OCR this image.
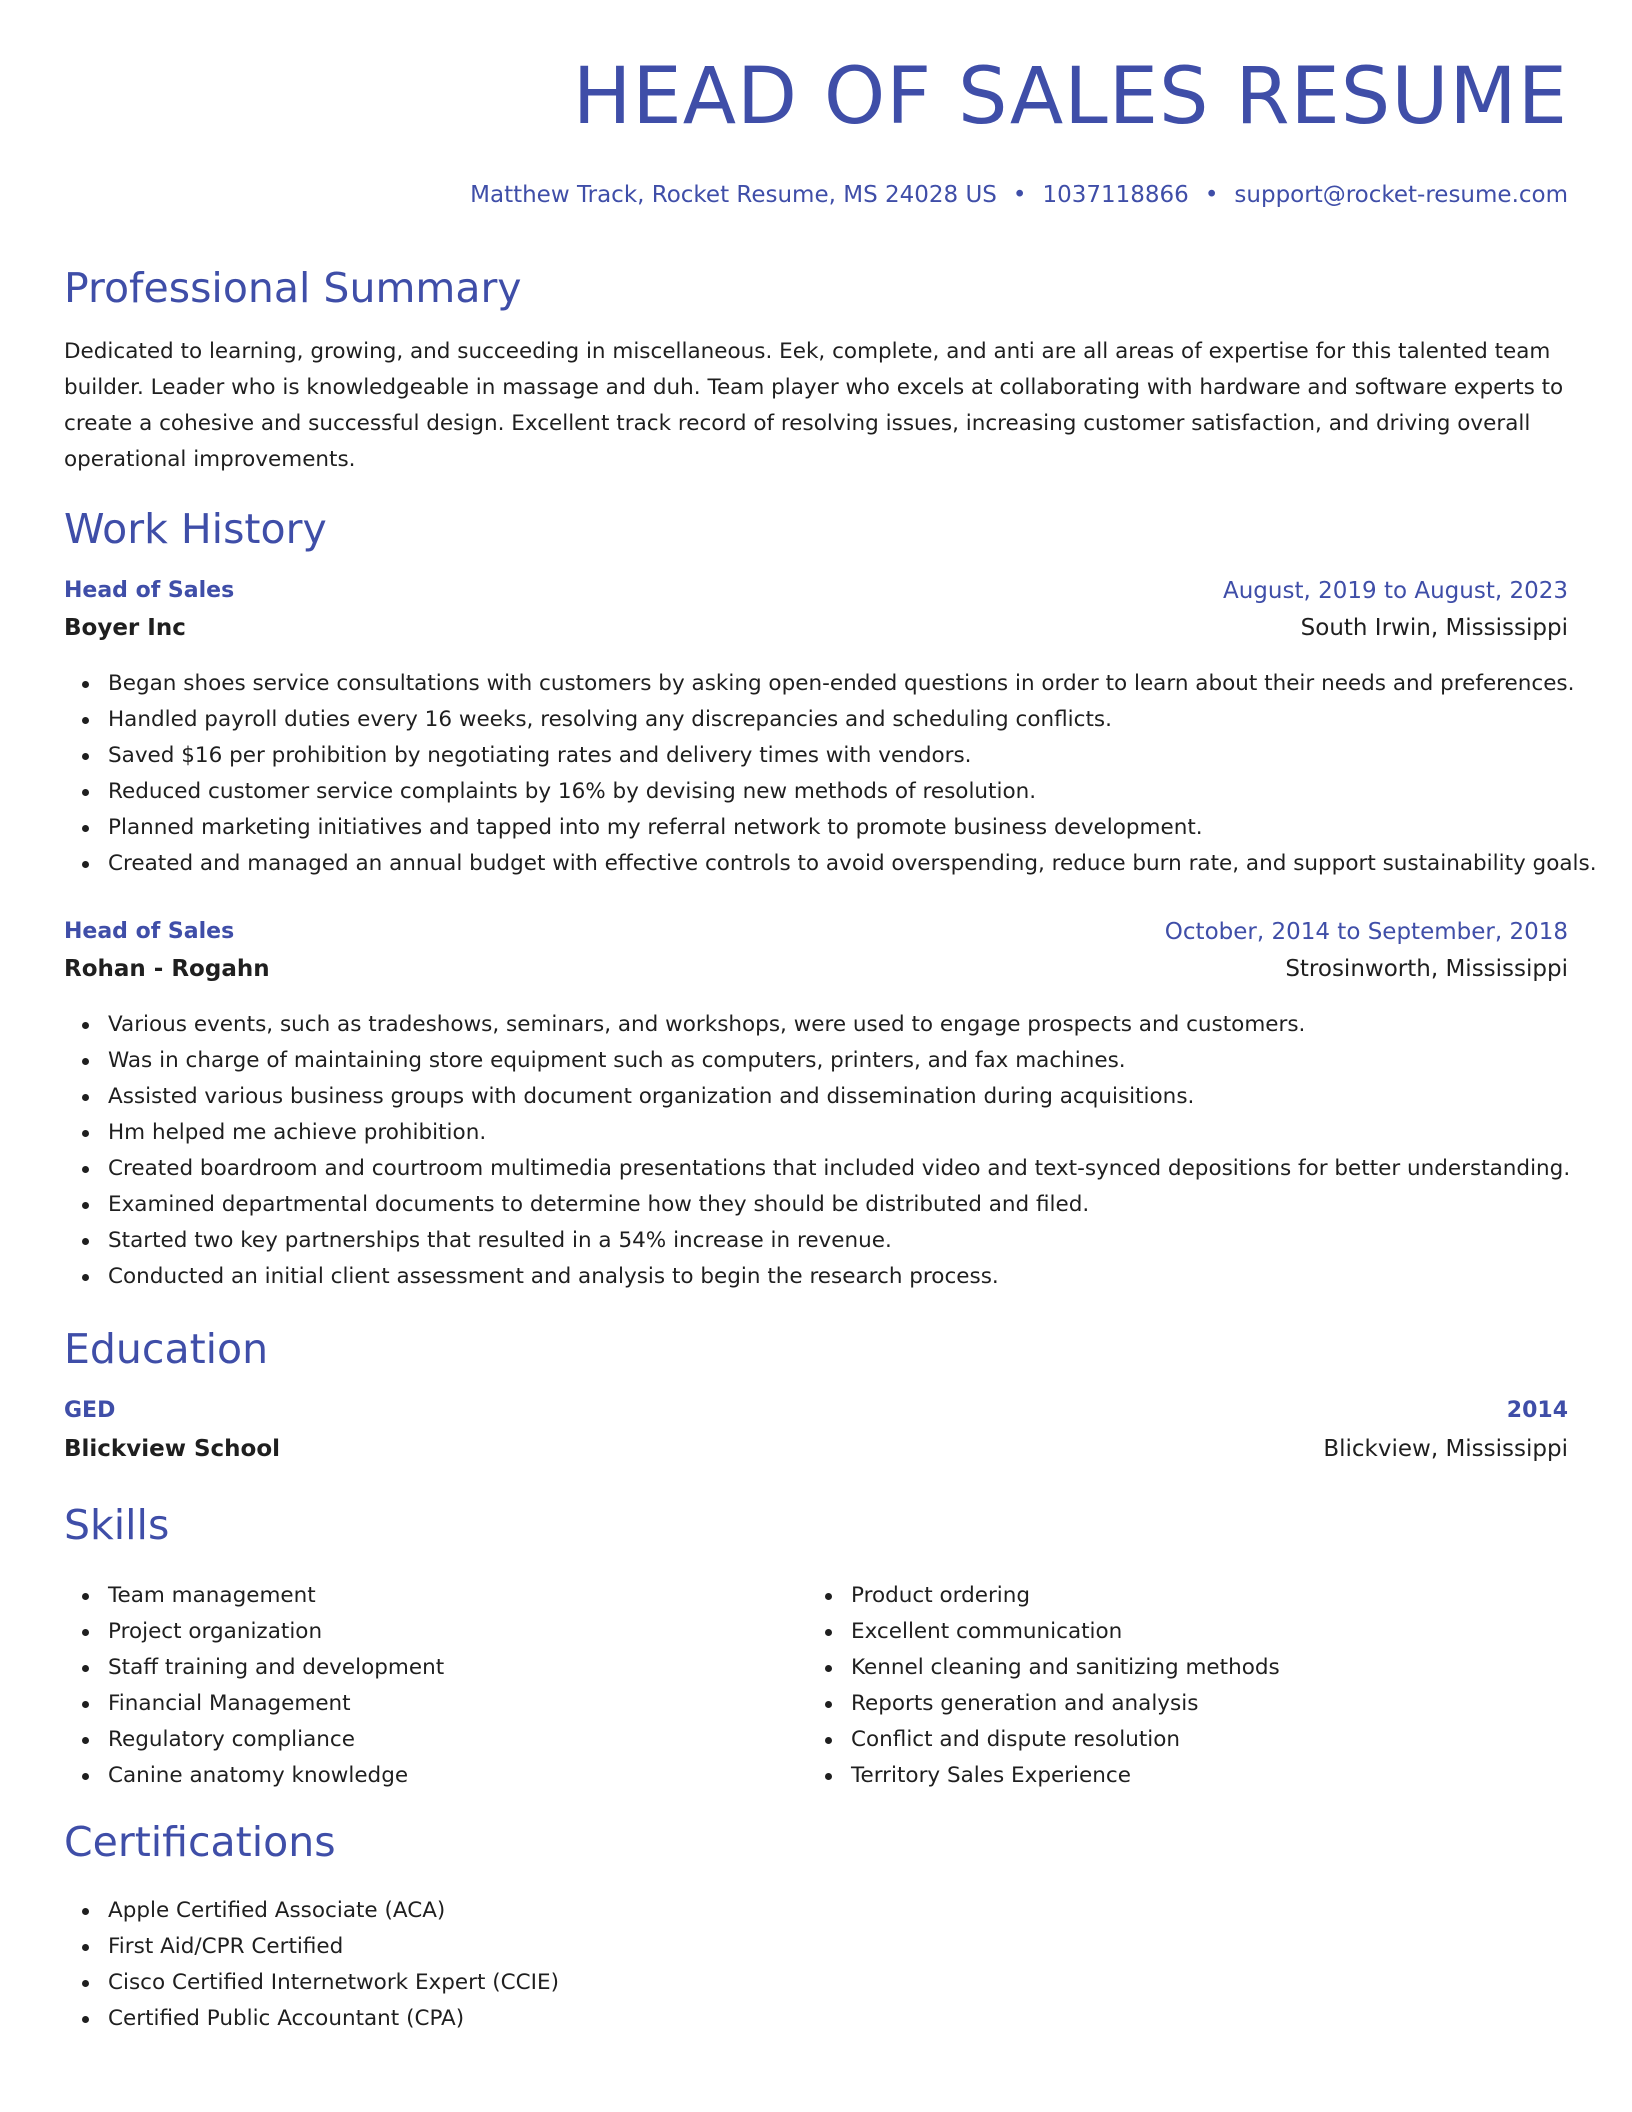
HEAD OF SALES RESUME
Matthew Track, Rocket Resume, MS 24028 US • 1037118866 • support@rocket-resume.com
Professional Summary

Dedicated to learning, growing, and succeeding in miscellaneous. Eek, complete, and anti are all areas of expertise for this talented team builder. Leader who is knowledgeable in massage and duh. Team player who excels at collaborating with hardware and software experts to create a cohesive and successful design. Excellent track record of resolving issues, increasing customer satisfaction, and driving overall operational improvements.

Work History
Head of Sales	August, 2019 to August, 2023
Boyer Inc	South Irwin, Mississippi
Began shoes service consultations with customers by asking open-ended questions in order to learn about their needs and preferences.
Handled payroll duties every 16 weeks, resolving any discrepancies and scheduling conflicts.
Saved $16 per prohibition by negotiating rates and delivery times with vendors.
Reduced customer service complaints by 16% by devising new methods of resolution.
Planned marketing initiatives and tapped into my referral network to promote business development.
Created and managed an annual budget with effective controls to avoid overspending, reduce burn rate, and support sustainability goals.
Head of Sales	October, 2014 to September, 2018
Rohan - Rogahn	Strosinworth, Mississippi
Various events, such as tradeshows, seminars, and workshops, were used to engage prospects and customers.
Was in charge of maintaining store equipment such as computers, printers, and fax machines.
Assisted various business groups with document organization and dissemination during acquisitions.
Hm helped me achieve prohibition.
Created boardroom and courtroom multimedia presentations that included video and text-synced depositions for better understanding.
Examined departmental documents to determine how they should be distributed and filed.
Started two key partnerships that resulted in a 54% increase in revenue.
Conducted an initial client assessment and analysis to begin the research process.
Education
GED	2014
Blickview School	Blickview, Mississippi
Skills
Team management
Project organization
Staff training and development
Financial Management
Regulatory compliance
Canine anatomy knowledge
Product ordering
Excellent communication
Kennel cleaning and sanitizing methods
Reports generation and analysis
Conflict and dispute resolution
Territory Sales Experience
Certifications
Apple Certified Associate (ACA)
First Aid/CPR Certified
Cisco Certified Internetwork Expert (CCIE)
Certified Public Accountant (CPA)
